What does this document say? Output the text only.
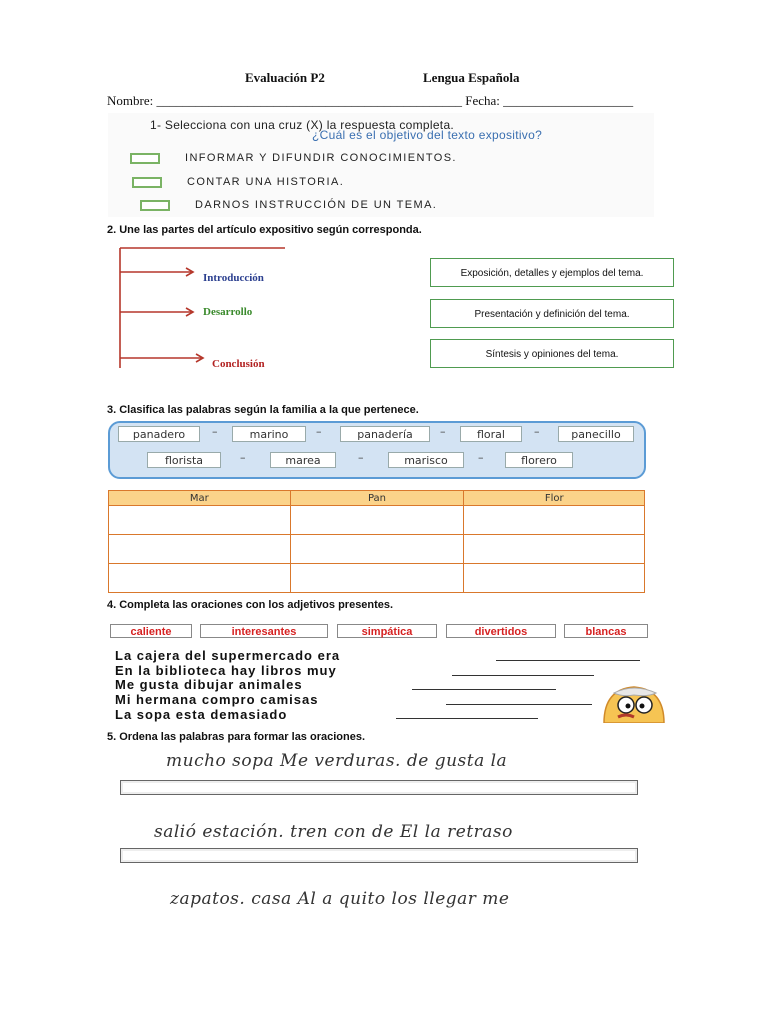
Evaluación P2	Lengua Española
Nombre: _______________________________________________ Fecha: ____________________
1- Selecciona con una cruz (X) la respuesta completa.
¿Cuál es el objetivo del texto expositivo?
INFORMAR Y DIFUNDIR CONOCIMIENTOS.
CONTAR UNA HISTORIA.
DARNOS INSTRUCCIÓN DE UN TEMA.
2. Une las partes del artículo expositivo según corresponda.
Introducción
Desarrollo
Conclusión
Exposición, detalles y ejemplos del tema.
Presentación y definición del tema.
Síntesis y opiniones del tema.
3. Clasifica las palabras según la familia a la que pertenece.
panadero	–	marino	–	panadería	–	floral	–	panecillo
florista	–	marea	–	marisco	–	florero
Mar	Pan	Flor

4. Completa las oraciones con los adjetivos presentes.
caliente	interesantes	simpática	divertidos	blancas
La cajera del supermercado era
En la biblioteca hay libros muy
Me gusta dibujar animales
Mi hermana compro camisas
La sopa esta demasiado
5. Ordena las palabras para formar las oraciones.
mucho sopa Me verduras. de gusta la
salió estación. tren con de El la retraso
zapatos. casa Al a quito los llegar me
